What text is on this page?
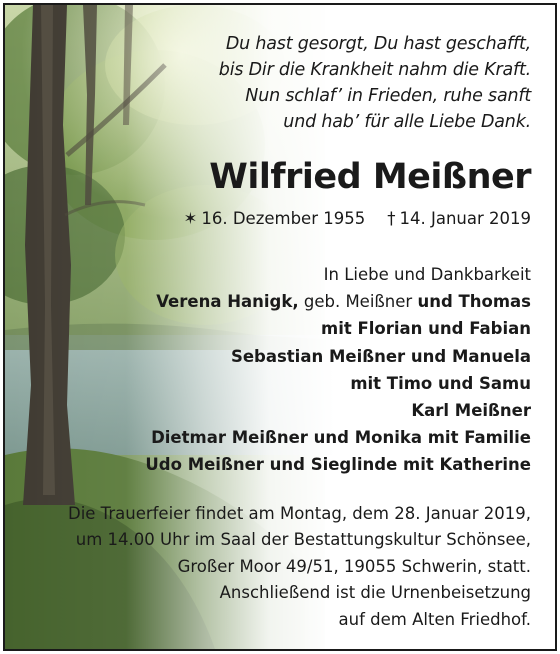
Du hast gesorgt, Du hast geschafft,
bis Dir die Krankheit nahm die Kraft.
Nun schlaf’ in Frieden, ruhe sanft
und hab’ für alle Liebe Dank.
Wilfried Meißner
✶ 16. Dezember 1955 † 14. Januar 2019
In Liebe und Dankbarkeit
Verena Hanigk, geb. Meißner und Thomas
mit Florian und Fabian
Sebastian Meißner und Manuela
mit Timo und Samu
Karl Meißner
Dietmar Meißner und Monika mit Familie
Udo Meißner und Sieglinde mit Katherine
Die Trauerfeier findet am Montag, dem 28. Januar 2019,
um 14.00 Uhr im Saal der Bestattungskultur Schönsee,
Großer Moor 49/51, 19055 Schwerin, statt.
Anschließend ist die Urnenbeisetzung
auf dem Alten Friedhof.
